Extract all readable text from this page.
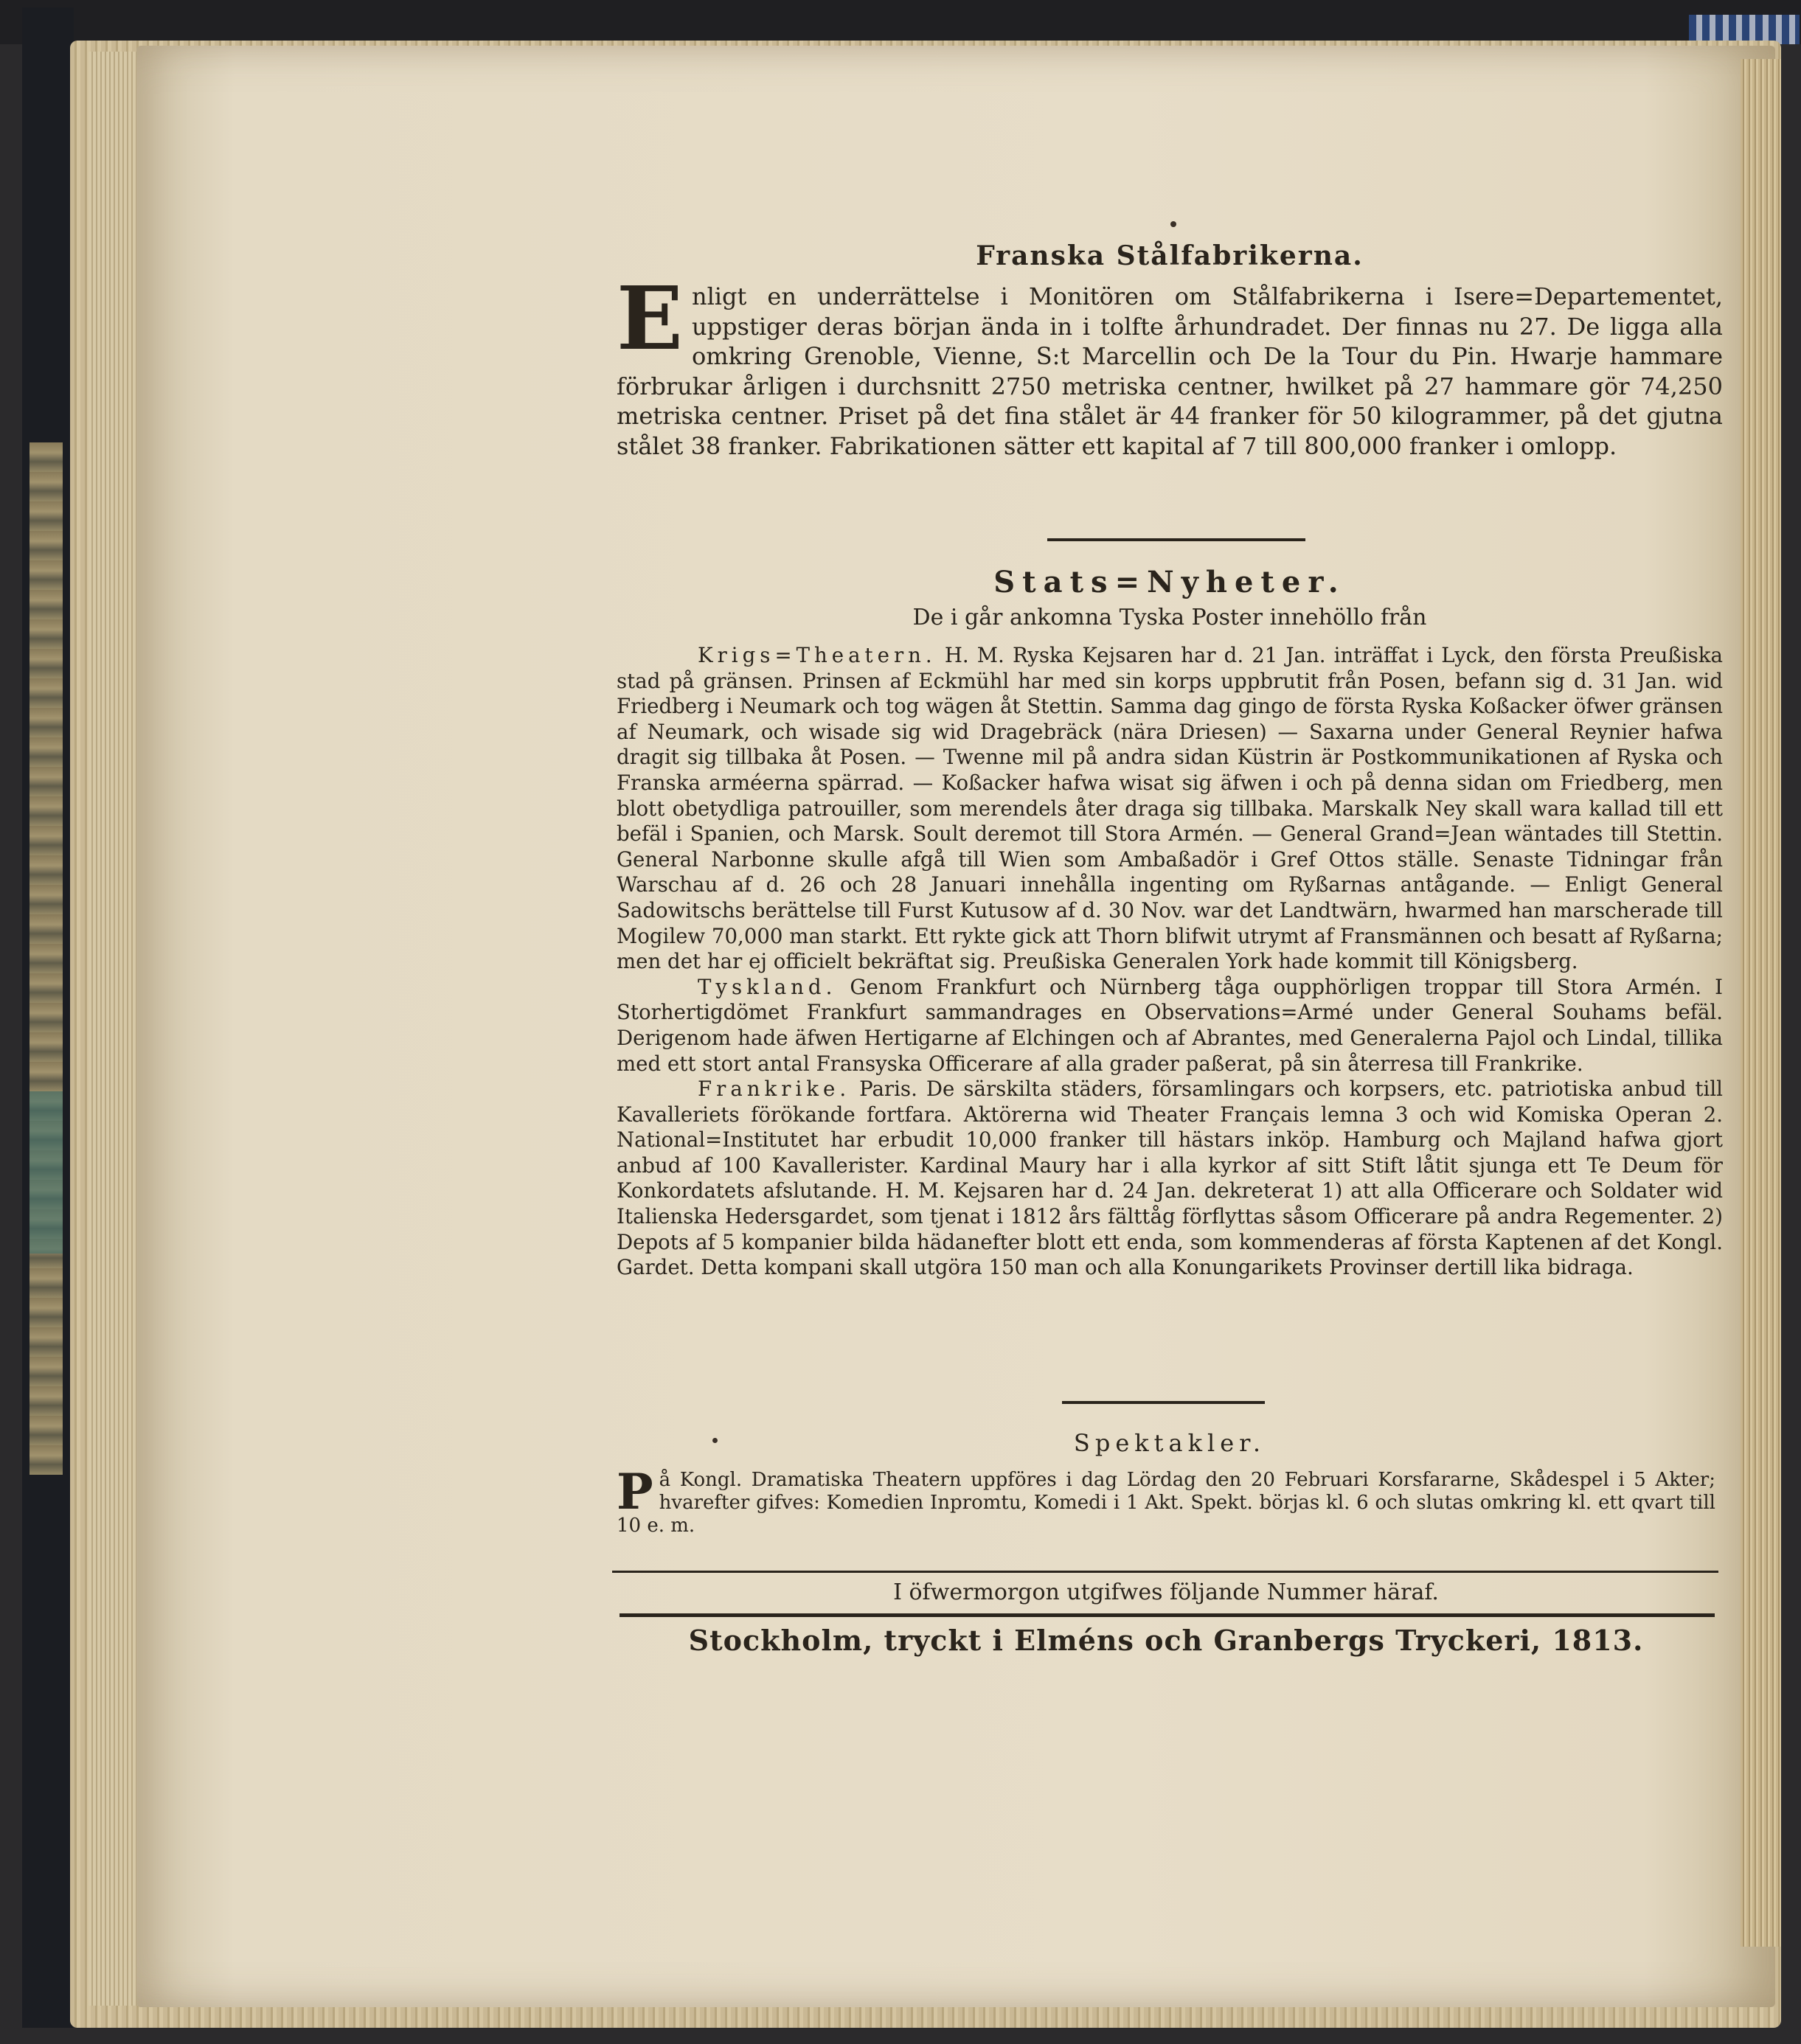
Franska Stålfabrikerna.
E nligt en underrättelse i Monitören om Stålfabrikerna i Isere=Departementet, uppstiger deras början ända in i tolfte århundradet. Der finnas nu 27. De ligga alla omkring Grenoble, Vienne, S:t Marcellin och De la Tour du Pin. Hwarje hammare förbrukar årligen i durchsnitt 2750 metriska centner, hwilket på 27 hammare gör 74,250 metriska centner. Priset på det fina stålet är 44 franker för 50 kilogrammer, på det gjutna stålet 38 franker. Fabrikationen sätter ett kapital af 7 till 800,000 franker i omlopp.
Stats=Nyheter.
De i går ankomna Tyska Poster innehöllo från

Krigs=Theatern. H. M. Ryska Kejsaren har d. 21 Jan. inträffat i Lyck, den första Preußiska stad på gränsen. Prinsen af Eckmühl har med sin korps uppbrutit från Posen, befann sig d. 31 Jan. wid Friedberg i Neumark och tog wägen åt Stettin. Samma dag gingo de första Ryska Koßacker öfwer gränsen af Neumark, och wisade sig wid Dragebräck (nära Driesen) — Saxarna under General Reynier hafwa dragit sig tillbaka åt Posen. — Twenne mil på andra sidan Küstrin är Postkommunikationen af Ryska och Franska arméerna spärrad. — Koßacker hafwa wisat sig äfwen i och på denna sidan om Friedberg, men blott obetydliga patrouiller, som merendels åter draga sig tillbaka. Marskalk Ney skall wara kallad till ett befäl i Spanien, och Marsk. Soult deremot till Stora Armén. — General Grand=Jean wäntades till Stettin. General Narbonne skulle afgå till Wien som Ambaßadör i Gref Ottos ställe. Senaste Tidningar från Warschau af d. 26 och 28 Januari innehålla ingenting om Ryßarnas antågande. — Enligt General Sadowitschs berättelse till Furst Kutusow af d. 30 Nov. war det Landtwärn, hwarmed han marscherade till Mogilew 70,000 man starkt. Ett rykte gick att Thorn blifwit utrymt af Fransmännen och besatt af Ryßarna; men det har ej officielt bekräftat sig. Preußiska Generalen York hade kommit till Königsberg.

Tyskland. Genom Frankfurt och Nürnberg tåga oupphörligen troppar till Stora Armén. I Storhertigdömet Frankfurt sammandrages en Observations=Armé under General Souhams befäl. Derigenom hade äfwen Hertigarne af Elchingen och af Abrantes, med Generalerna Pajol och Lindal, tillika med ett stort antal Fransyska Officerare af alla grader paßerat, på sin återresa till Frankrike.

Frankrike. Paris. De särskilta städers, församlingars och korpsers, etc. patriotiska anbud till Kavalleriets förökande fortfara. Aktörerna wid Theater Français lemna 3 och wid Komiska Operan 2. National=Institutet har erbudit 10,000 franker till hästars inköp. Hamburg och Majland hafwa gjort anbud af 100 Kavallerister. Kardinal Maury har i alla kyrkor af sitt Stift låtit sjunga ett Te Deum för Konkordatets afslutande. H. M. Kejsaren har d. 24 Jan. dekreterat 1) att alla Officerare och Soldater wid Italienska Hedersgardet, som tjenat i 1812 års fälttåg förflyttas såsom Officerare på andra Regementer. 2) Depots af 5 kompanier bilda hädanefter blott ett enda, som kommenderas af första Kaptenen af det Kongl. Gardet. Detta kompani skall utgöra 150 man och alla Konungarikets Provinser dertill lika bidraga.

Spektakler.
P å Kongl. Dramatiska Theatern uppföres i dag Lördag den 20 Februari Korsfararne, Skådespel i 5 Akter; hvarefter gifves: Komedien Inpromtu, Komedi i 1 Akt. Spekt. börjas kl. 6 och slutas omkring kl. ett qvart till 10 e. m.
I öfwermorgon utgifwes följande Nummer häraf.
Stockholm, tryckt i Elméns och Granbergs Tryckeri, 1813.
